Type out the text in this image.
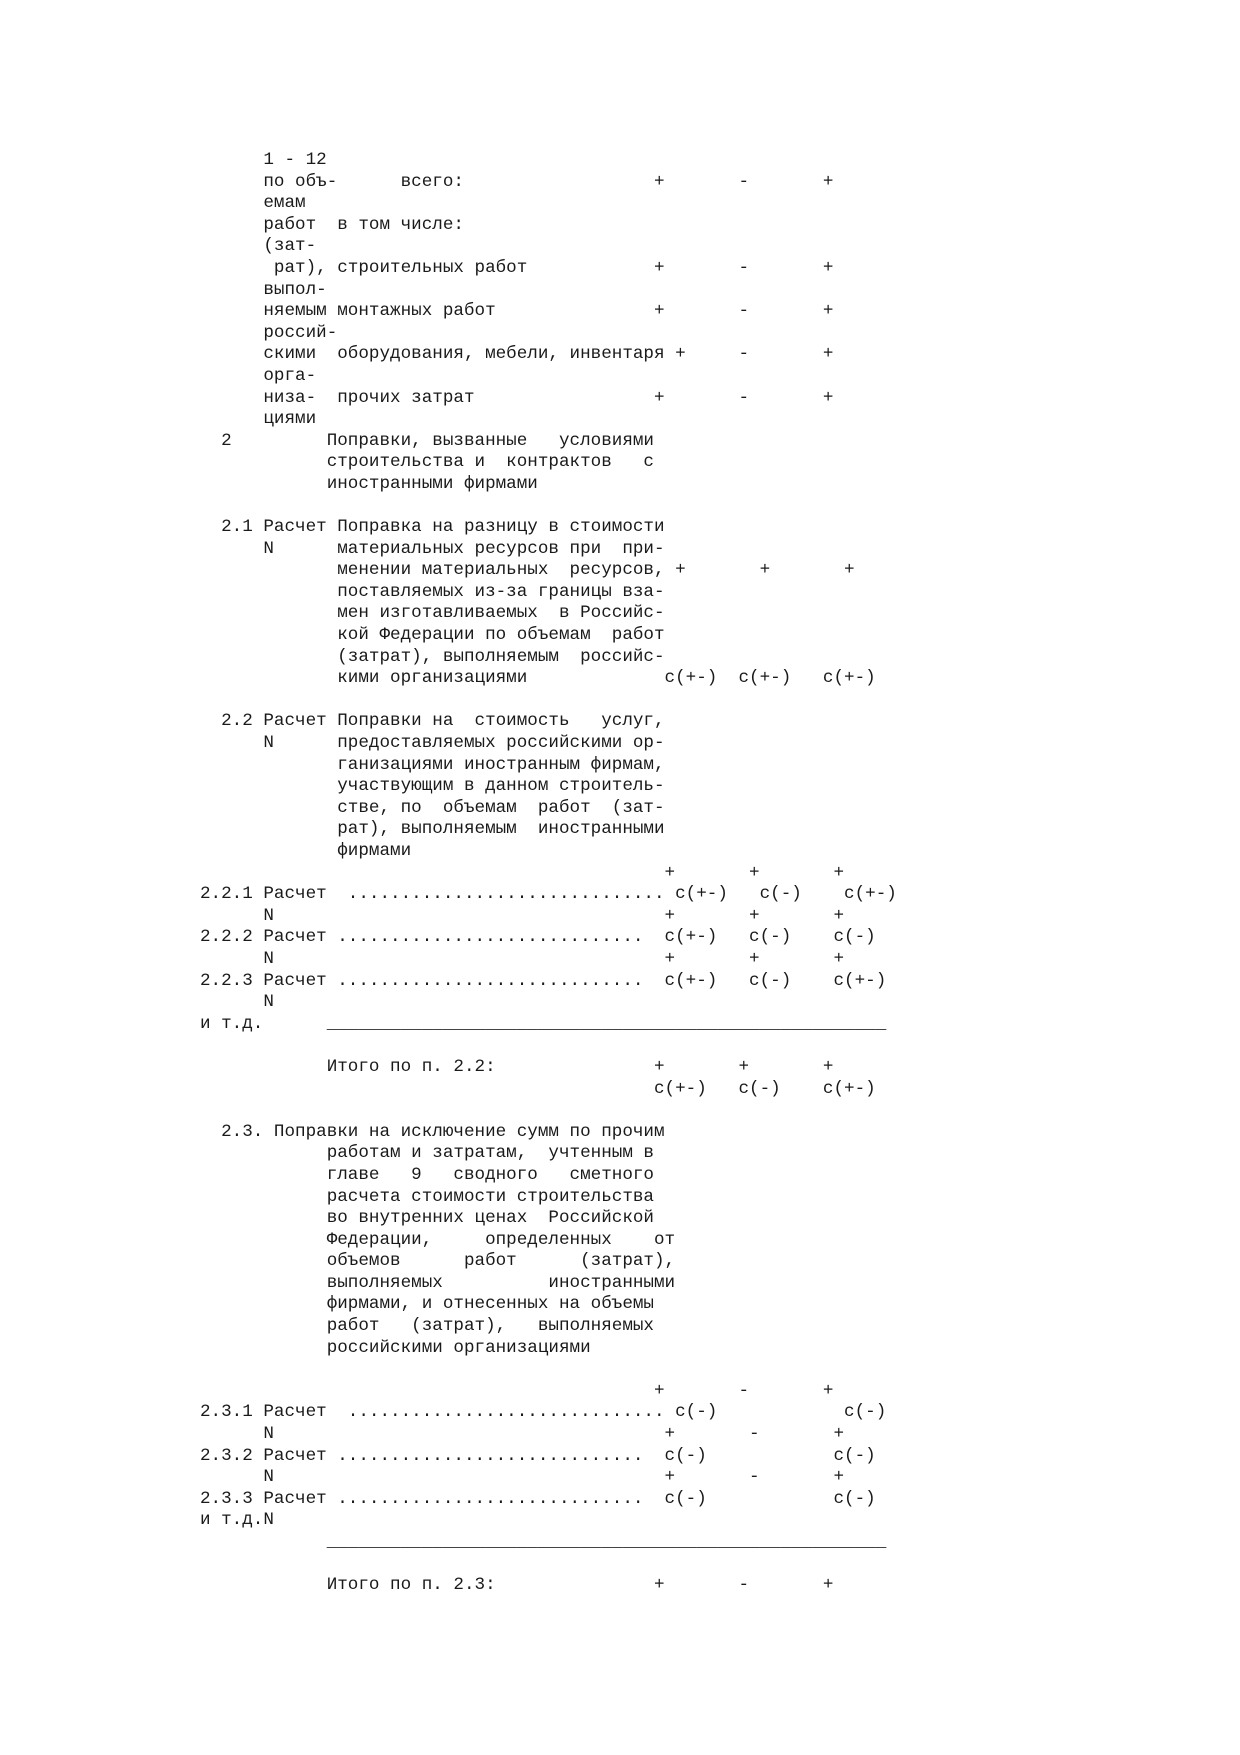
1 - 12
по объ-      всего:                  +       -       +
емам
работ  в том числе:
(зат-
рат), строительных работ            +       -       +
выпол-
няемым монтажных работ               +       -       +
россий-
скими  оборудования, мебели, инвентаря +     -       +
орга-
низа-  прочих затрат                 +       -       +
циями
2         Поправки, вызванные   условиями
строительства и  контрактов   с
иностранными фирмами
2.1 Расчет Поправка на разницу в стоимости
N      материальных ресурсов при  при-
менении материальных  ресурсов, +       +       +
поставляемых из-за границы вза-
мен изготавливаемых  в Российс-
кой Федерации по объемам  работ
(затрат), выполняемым  российс-
кими организациями             с(+-)  с(+-)   с(+-)
2.2 Расчет Поправки на  стоимость   услуг,
N      предоставляемых российскими ор-
ганизациями иностранным фирмам,
участвующим в данном строитель-
стве, по  объемам  работ  (зат-
рат), выполняемым  иностранными
фирмами
+       +       +
2.2.1 Расчет  .............................. с(+-)   с(-)    с(+-)
N                                     +       +       +
2.2.2 Расчет .............................  с(+-)   с(-)    с(-)
N                                     +       +       +
2.2.3 Расчет .............................  с(+-)   с(-)    с(+-)
N
и т.д.      _____________________________________________________
Итого по п. 2.2:               +       +       +
с(+-)   с(-)    с(+-)
2.3. Поправки на исключение сумм по прочим
работам и затратам,  учтенным в
главе   9   сводного   сметного
расчета стоимости строительства
во внутренних ценах  Российской
Федерации,     определенных    от
объемов      работ      (затрат),
выполняемых          иностранными
фирмами, и отнесенных на объемы
работ   (затрат),   выполняемых
российскими организациями
+       -       +
2.3.1 Расчет  .............................. с(-)            с(-)
N                                     +       -       +
2.3.2 Расчет .............................  с(-)            с(-)
N                                     +       -       +
2.3.3 Расчет .............................  с(-)            с(-)
и т.д.N
_____________________________________________________
Итого по п. 2.3:               +       -       +
